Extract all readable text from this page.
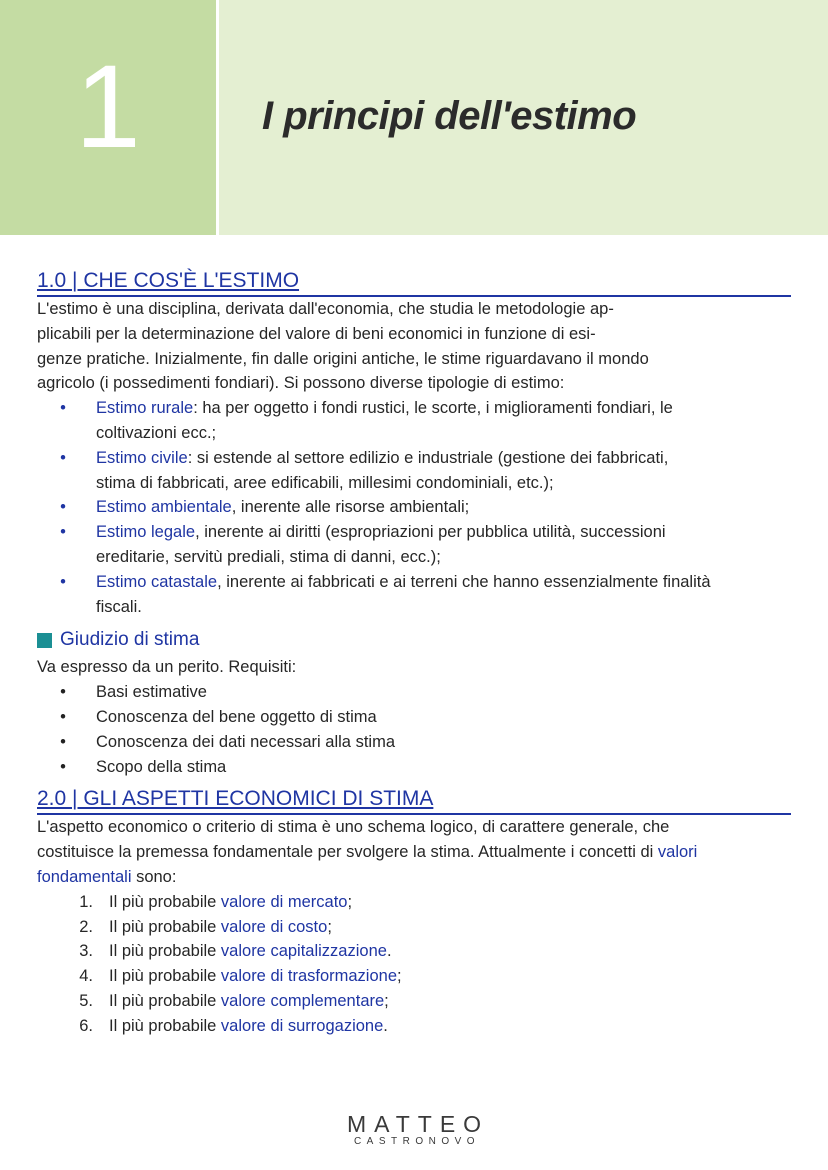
1	I principi dell'estimo
1.0 | CHE COS'È L'ESTIMO

L'estimo è una disciplina, derivata dall'economia, che studia le metodologie ap-
plicabili per la determinazione del valore di beni economici in funzione di esi-
genze pratiche. Inizialmente, fin dalle origini antiche, le stime riguardavano il mondo
agricolo (i possedimenti fondiari). Si possono diverse tipologie di estimo:

• Estimo rurale: ha per oggetto i fondi rustici, le scorte, i miglioramenti fondiari, le
coltivazioni ecc.;
• Estimo civile: si estende al settore edilizio e industriale (gestione dei fabbricati,
stima di fabbricati, aree edificabili, millesimi condominiali, etc.);
• Estimo ambientale, inerente alle risorse ambientali;
• Estimo legale, inerente ai diritti (espropriazioni per pubblica utilità, successioni
ereditarie, servitù prediali, stima di danni, ecc.);
• Estimo catastale, inerente ai fabbricati e ai terreni che hanno essenzialmente finalità
fiscali.
Giudizio di stima

Va espresso da un perito. Requisiti:

• Basi estimative
• Conoscenza del bene oggetto di stima
• Conoscenza dei dati necessari alla stima
• Scopo della stima
2.0 | GLI ASPETTI ECONOMICI DI STIMA

L'aspetto economico o criterio di stima è uno schema logico, di carattere generale, che
costituisce la premessa fondamentale per svolgere la stima. Attualmente i concetti di valori
fondamentali sono:

1. Il più probabile valore di mercato;
2. Il più probabile valore di costo;
3. Il più probabile valore capitalizzazione.
4. Il più probabile valore di trasformazione;
5. Il più probabile valore complementare;
6. Il più probabile valore di surrogazione.
MATTEO
CASTRONOVO
